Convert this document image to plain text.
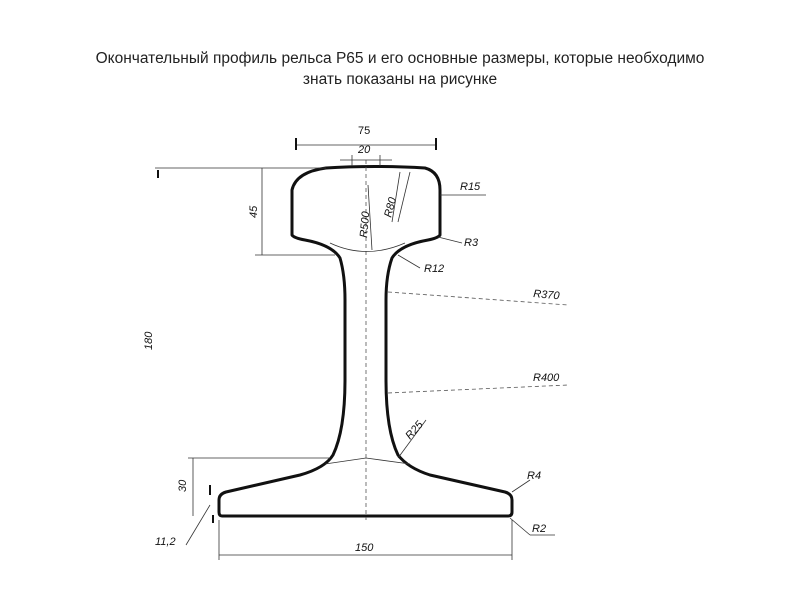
Окончательный профиль рельса Р65 и его основные размеры, которые необходимо
знать показаны на рисунке
75
20
45
180
30
11,2	150
R15
R80
R500
R3
R12
R370
R400
R25
R4
R2
